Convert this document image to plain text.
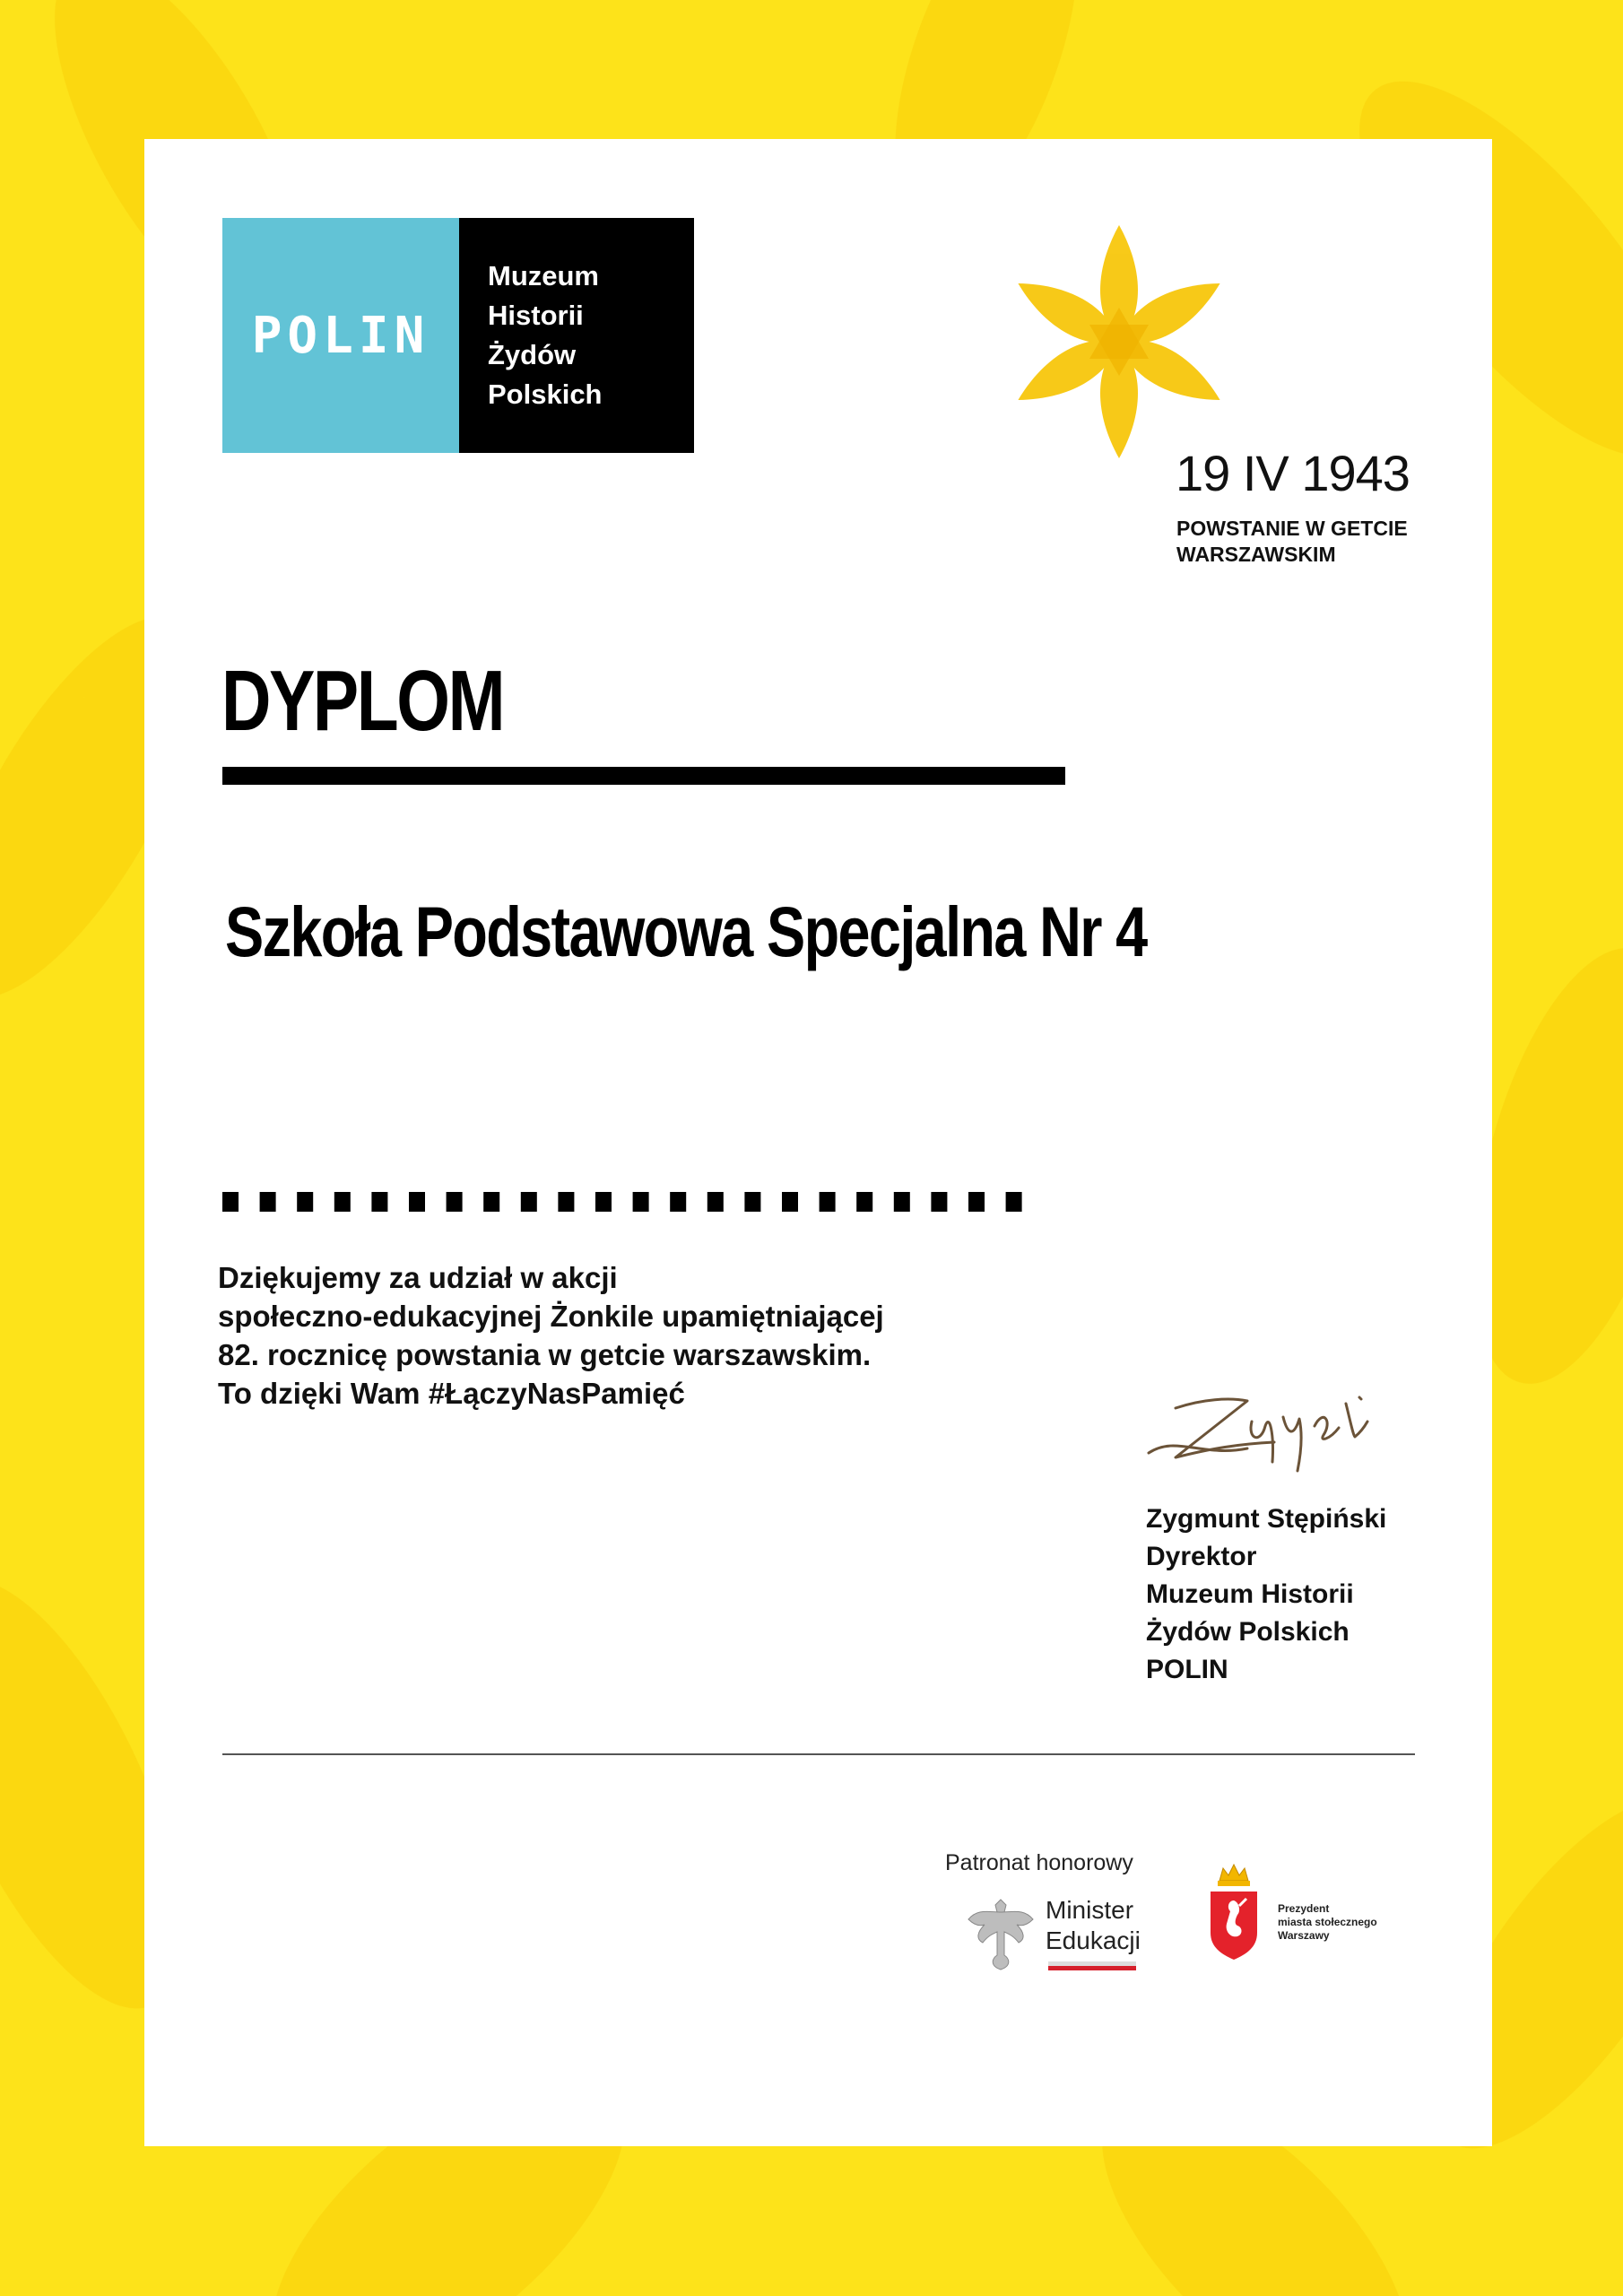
POLIN
Muzeum
Historii
Żydów
Polskich
19 IV 1943
POWSTANIE W GETCIE
WARSZAWSKIM
DYPLOM
Szkoła Podstawowa Specjalna Nr 4
Dziękujemy za udział w akcji
społeczno-edukacyjnej Żonkile upamiętniającej
82. rocznicę powstania w getcie warszawskim.
To dzięki Wam #ŁączyNasPamięć
Zygmunt Stępiński
Dyrektor
Muzeum Historii
Żydów Polskich
POLIN
Patronat honorowy
Minister
Edukacji
Prezydent
miasta stołecznego
Warszawy
